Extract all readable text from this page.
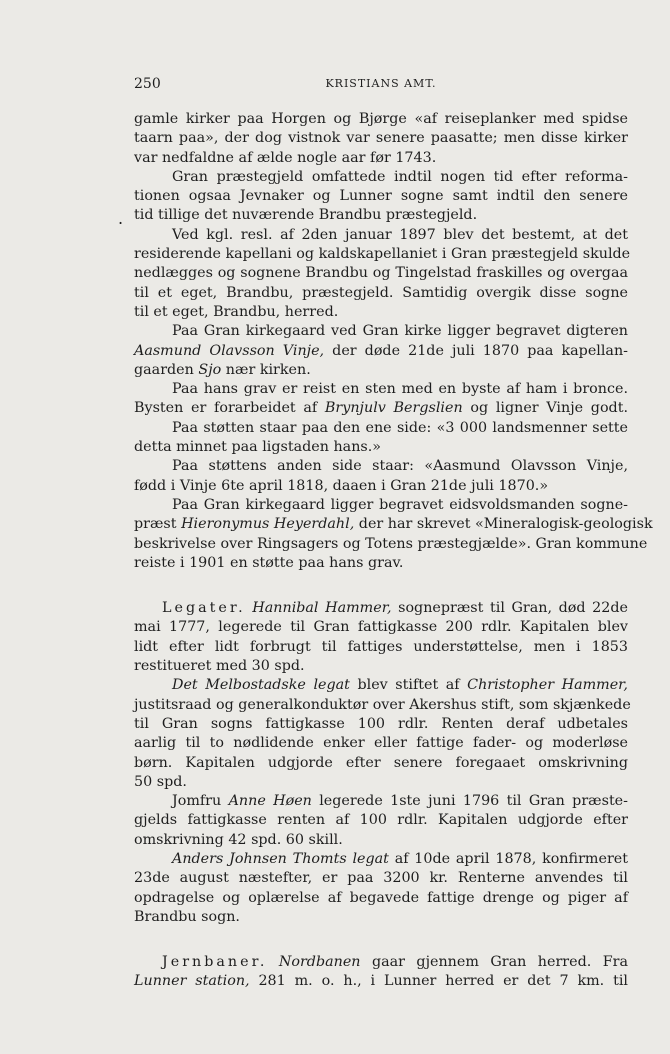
250	KRISTIANS AMT.
.
gamle kirker paa Horgen og Bjørge «af reiseplanker med spidse
taarn paa», der dog vistnok var senere paasatte; men disse kirker
var nedfaldne af ælde nogle aar før 1743.
Gran præstegjeld omfattede indtil nogen tid efter reforma-
tionen ogsaa Jevnaker og Lunner sogne samt indtil den senere
tid tillige det nuværende Brandbu præstegjeld.
Ved kgl. resl. af 2den januar 1897 blev det bestemt, at det
residerende kapellani og kaldskapellaniet i Gran præstegjeld skulde
nedlægges og sognene Brandbu og Tingelstad fraskilles og overgaa
til et eget, Brandbu, præstegjeld. Samtidig overgik disse sogne
til et eget, Brandbu, herred.
Paa Gran kirkegaard ved Gran kirke ligger begravet digteren
Aasmund Olavsson Vinje, der døde 21de juli 1870 paa kapellan-
gaarden Sjo nær kirken.
Paa hans grav er reist en sten med en byste af ham i bronce.
Bysten er forarbeidet af Brynjulv Bergslien og ligner Vinje godt.
Paa støtten staar paa den ene side: «3 000 landsmenner sette
detta minnet paa ligstaden hans.»
Paa støttens anden side staar: «Aasmund Olavsson Vinje,
fødd i Vinje 6te april 1818, daaen i Gran 21de juli 1870.»
Paa Gran kirkegaard ligger begravet eidsvoldsmanden sogne-
præst Hieronymus Heyerdahl, der har skrevet «Mineralogisk-geologisk
beskrivelse over Ringsagers og Totens præstegjælde». Gran kommune
reiste i 1901 en støtte paa hans grav.
Legater. Hannibal Hammer, sognepræst til Gran, død 22de
mai 1777, legerede til Gran fattigkasse 200 rdlr. Kapitalen blev
lidt efter lidt forbrugt til fattiges understøttelse, men i 1853
restitueret med 30 spd.
Det Melbostadske legat blev stiftet af Christopher Hammer,
justitsraad og generalkonduktør over Akershus stift, som skjænkede
til Gran sogns fattigkasse 100 rdlr. Renten deraf udbetales
aarlig til to nødlidende enker eller fattige fader- og moderløse
børn. Kapitalen udgjorde efter senere foregaaet omskrivning
50 spd.
Jomfru Anne Høen legerede 1ste juni 1796 til Gran præste-
gjelds fattigkasse renten af 100 rdlr. Kapitalen udgjorde efter
omskrivning 42 spd. 60 skill.
Anders Johnsen Thomts legat af 10de april 1878, konfirmeret
23de august næstefter, er paa 3200 kr. Renterne anvendes til
opdragelse og oplærelse af begavede fattige drenge og piger af
Brandbu sogn.
Jernbaner. Nordbanen gaar gjennem Gran herred. Fra
Lunner station, 281 m. o. h., i Lunner herred er det 7 km. til
